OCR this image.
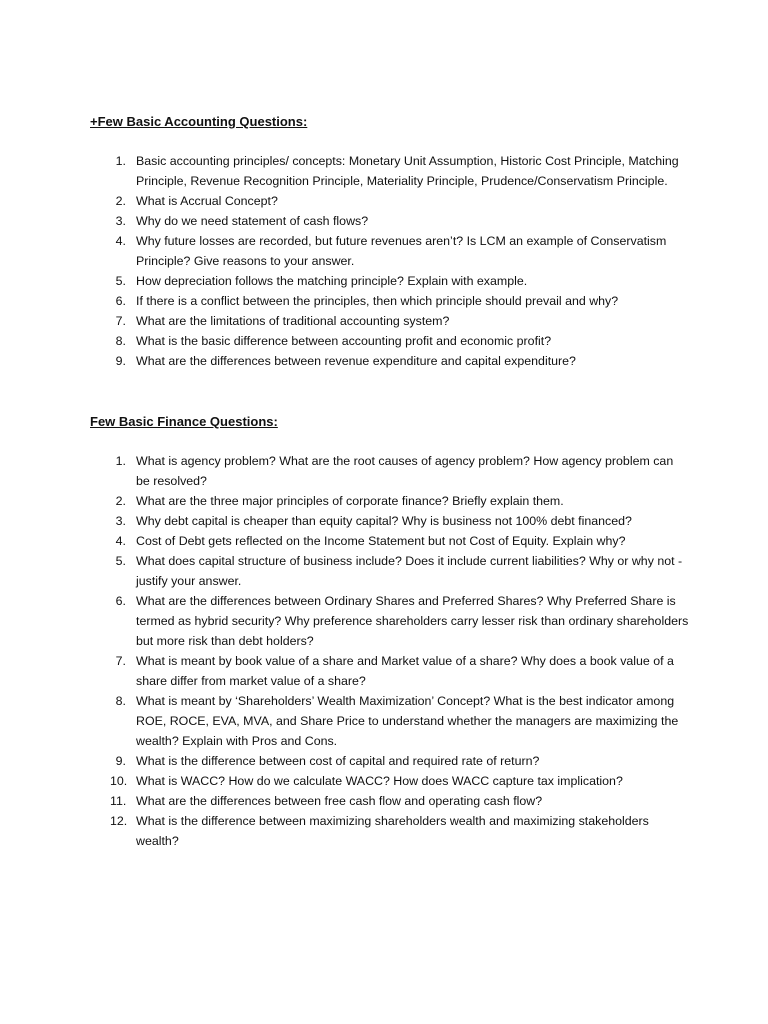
+Few Basic Accounting Questions:
1. Basic accounting principles/ concepts: Monetary Unit Assumption, Historic Cost Principle, Matching Principle, Revenue Recognition Principle, Materiality Principle, Prudence/Conservatism Principle.
2. What is Accrual Concept?
3. Why do we need statement of cash flows?
4. Why future losses are recorded, but future revenues aren’t? Is LCM an example of Conservatism Principle? Give reasons to your answer.
5. How depreciation follows the matching principle? Explain with example.
6. If there is a conflict between the principles, then which principle should prevail and why?
7. What are the limitations of traditional accounting system?
8. What is the basic difference between accounting profit and economic profit?
9. What are the differences between revenue expenditure and capital expenditure?
Few Basic Finance Questions:
1. What is agency problem? What are the root causes of agency problem? How agency problem can be resolved?
2. What are the three major principles of corporate finance? Briefly explain them.
3. Why debt capital is cheaper than equity capital? Why is business not 100% debt financed?
4. Cost of Debt gets reflected on the Income Statement but not Cost of Equity. Explain why?
5. What does capital structure of business include? Does it include current liabilities? Why or why not - justify your answer.
6. What are the differences between Ordinary Shares and Preferred Shares? Why Preferred Share is termed as hybrid security? Why preference shareholders carry lesser risk than ordinary shareholders but more risk than debt holders?
7. What is meant by book value of a share and Market value of a share? Why does a book value of a share differ from market value of a share?
8. What is meant by ‘Shareholders’ Wealth Maximization’ Concept? What is the best indicator among ROE, ROCE, EVA, MVA, and Share Price to understand whether the managers are maximizing the wealth? Explain with Pros and Cons.
9. What is the difference between cost of capital and required rate of return?
10. What is WACC? How do we calculate WACC? How does WACC capture tax implication?
11. What are the differences between free cash flow and operating cash flow?
12. What is the difference between maximizing shareholders wealth and maximizing stakeholders wealth?
